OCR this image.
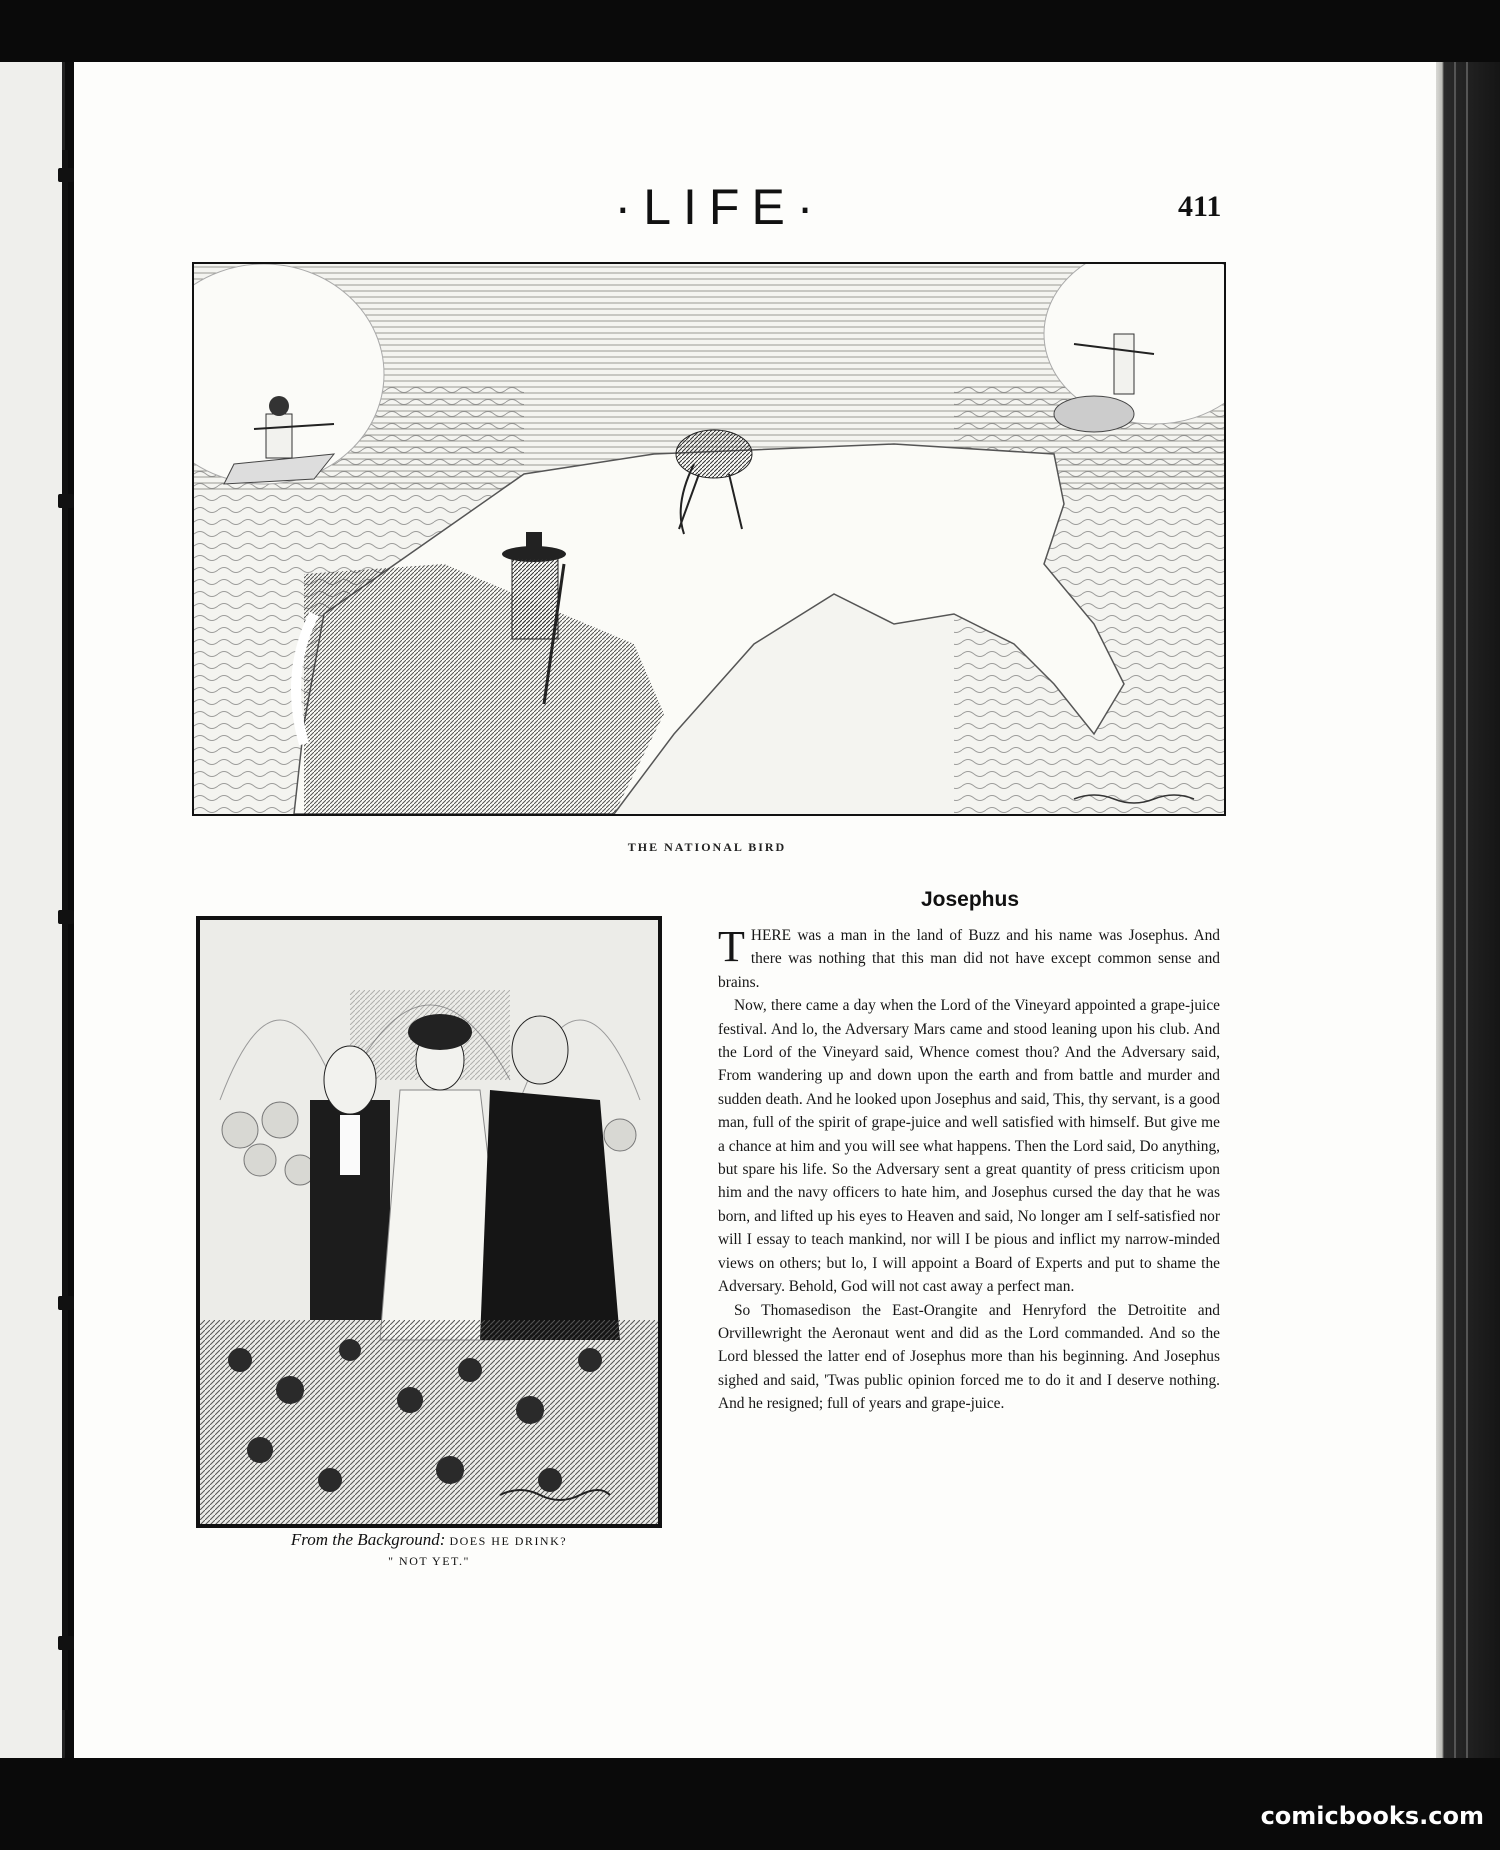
·LIFE·	411
THE NATIONAL BIRD
From the Background: DOES HE DRINK?
" NOT YET."
Josephus

THERE was a man in the land of Buzz and his name was Josephus. And there was nothing that this man did not have except common sense and brains.

Now, there came a day when the Lord of the Vineyard appointed a grape-juice festival. And lo, the Adversary Mars came and stood leaning upon his club. And the Lord of the Vineyard said, Whence comest thou? And the Adversary said, From wandering up and down upon the earth and from battle and murder and sudden death. And he looked upon Josephus and said, This, thy servant, is a good man, full of the spirit of grape-juice and well satisfied with himself. But give me a chance at him and you will see what happens. Then the Lord said, Do anything, but spare his life. So the Adversary sent a great quantity of press criticism upon him and the navy officers to hate him, and Josephus cursed the day that he was born, and lifted up his eyes to Heaven and said, No longer am I self-satisfied nor will I essay to teach mankind, nor will I be pious and inflict my narrow-minded views on others; but lo, I will appoint a Board of Experts and put to shame the Adversary. Behold, God will not cast away a perfect man.

So Thomasedison the East-Orangite and Henryford the Detroitite and Orvillewright the Aeronaut went and did as the Lord commanded. And so the Lord blessed the latter end of Josephus more than his beginning. And Josephus sighed and said, 'Twas public opinion forced me to do it and I deserve nothing. And he resigned; full of years and grape-juice.

comicbooks.com
